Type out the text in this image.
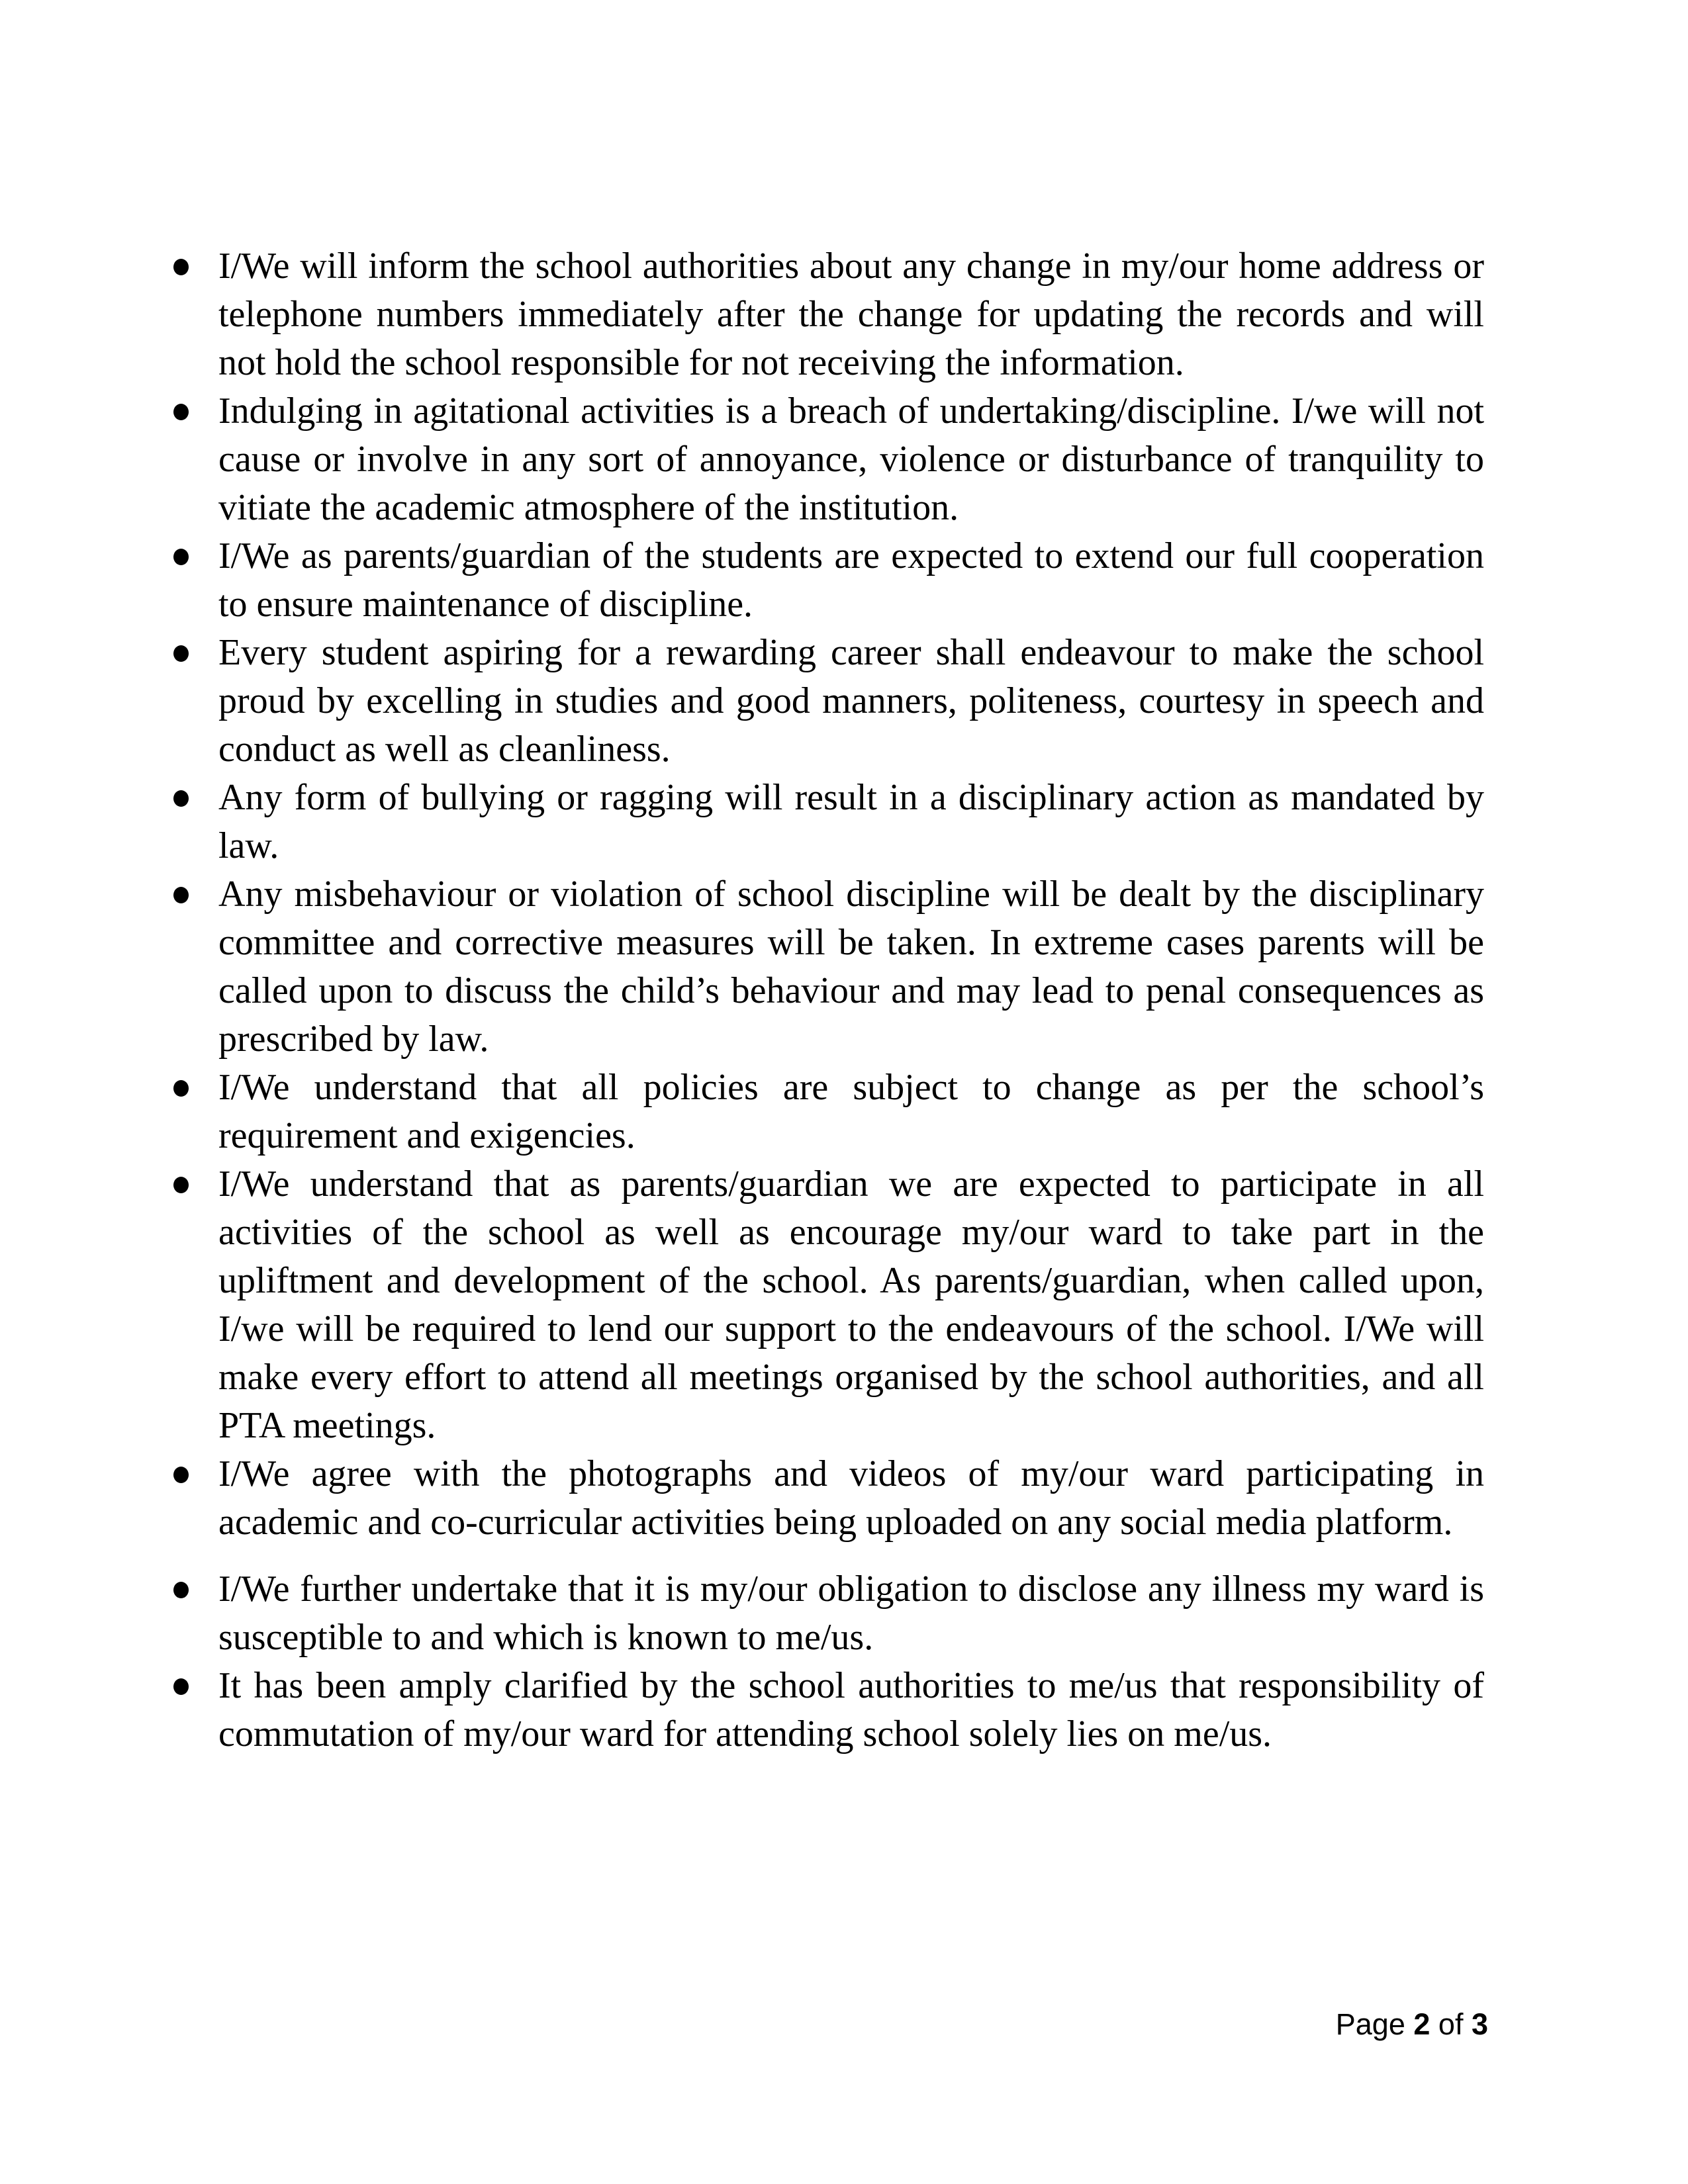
I/We will inform the school authorities about any change in my/our home address or telephone numbers immediately after the change for updating the records and will not hold the school responsible for not receiving the information.
Indulging in agitational activities is a breach of undertaking/discipline. I/we will not cause or involve in any sort of annoyance, violence or disturbance of tranquility to vitiate the academic atmosphere of the institution.
I/We as parents/guardian of the students are expected to extend our full cooperation to ensure maintenance of discipline.
Every student aspiring for a rewarding career shall endeavour to make the school proud by excelling in studies and good manners, politeness, courtesy in speech and conduct as well as cleanliness.
Any form of bullying or ragging will result in a disciplinary action as mandated by law.
Any misbehaviour or violation of school discipline will be dealt by the disciplinary committee and corrective measures will be taken. In extreme cases parents will be called upon to discuss the child’s behaviour and may lead to penal consequences as prescribed by law.
I/We understand that all policies are subject to change as per the school’s requirement and exigencies.
I/We understand that as parents/guardian we are expected to participate in all activities of the school as well as encourage my/our ward to take part in the upliftment and development of the school. As parents/guardian, when called upon, I/we will be required to lend our support to the endeavours of the school. I/We will make every effort to attend all meetings organised by the school authorities, and all PTA meetings.
I/We agree with the photographs and videos of my/our ward participating in academic and co-curricular activities being uploaded on any social media platform.
I/We further undertake that it is my/our obligation to disclose any illness my ward is susceptible to and which is known to me/us.
It has been amply clarified by the school authorities to me/us that responsibility of commutation of my/our ward for attending school solely lies on me/us.
Page 2 of 3
